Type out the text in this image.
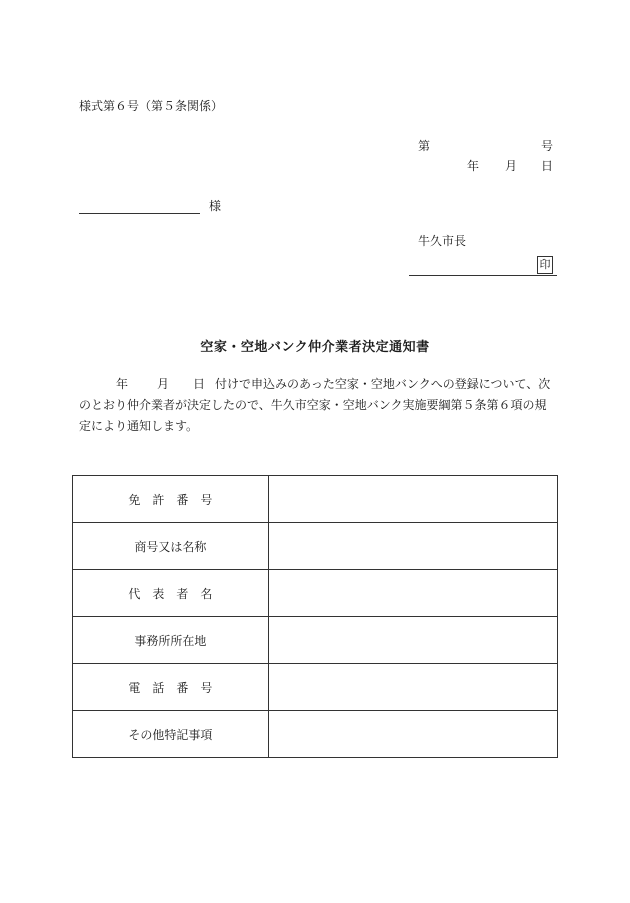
様式第６号（第５条関係）
第	号
年 月 日
様
牛久市長
印
空家・空地バンク仲介業者決定通知書

年 月 日 付けで申込みのあった空家・空地バンクへの登録について、次

のとおり仲介業者が決定したので、牛久市空家・空地バンク実施要綱第５条第６項の規

定により通知します。

免　許　番　号	
商号又は名称	
代　表　者　名	
事務所所在地	
電　話　番　号	
その他特記事項	
